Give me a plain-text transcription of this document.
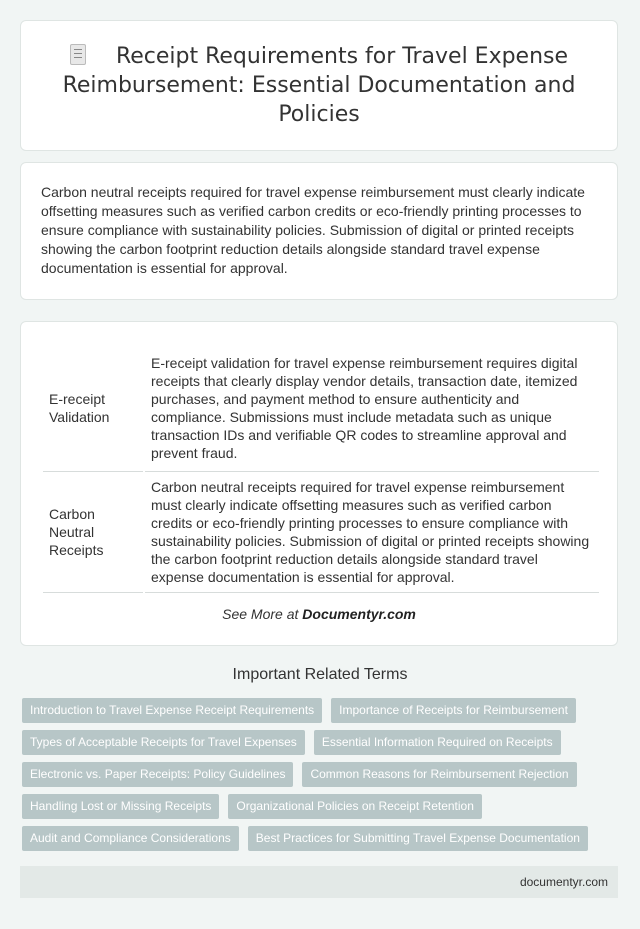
Receipt Requirements for Travel Expense Reimbursement: Essential Documentation and Policies

Carbon neutral receipts required for travel expense reimbursement must clearly indicate offsetting measures such as verified carbon credits or eco-friendly printing processes to ensure compliance with sustainability policies. Submission of digital or printed receipts showing the carbon footprint reduction details alongside standard travel expense documentation is essential for approval.

E-receipt Validation	E-receipt validation for travel expense reimbursement requires digital receipts that clearly display vendor details, transaction date, itemized purchases, and payment method to ensure authenticity and compliance. Submissions must include metadata such as unique transaction IDs and verifiable QR codes to streamline approval and prevent fraud.
Carbon Neutral Receipts	Carbon neutral receipts required for travel expense reimbursement must clearly indicate offsetting measures such as verified carbon credits or eco-friendly printing processes to ensure compliance with sustainability policies. Submission of digital or printed receipts showing the carbon footprint reduction details alongside standard travel expense documentation is essential for approval.
See More at Documentyr.com
Important Related Terms
Introduction to Travel Expense Receipt Requirements	Importance of Receipts for Reimbursement
Types of Acceptable Receipts for Travel Expenses	Essential Information Required on Receipts
Electronic vs. Paper Receipts: Policy Guidelines	Common Reasons for Reimbursement Rejection
Handling Lost or Missing Receipts	Organizational Policies on Receipt Retention
Audit and Compliance Considerations	Best Practices for Submitting Travel Expense Documentation
documentyr.com
